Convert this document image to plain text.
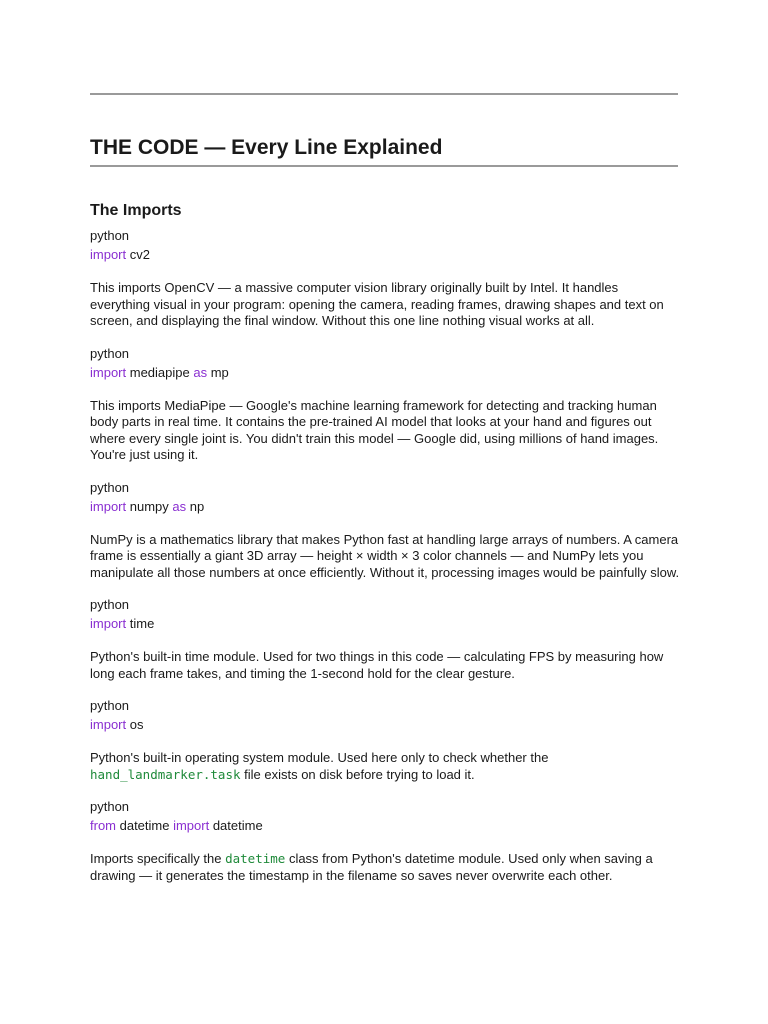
THE CODE — Every Line Explained
The Imports

python

import cv2

This imports OpenCV — a massive computer vision library originally built by Intel. It handles everything visual in your program: opening the camera, reading frames, drawing shapes and text on screen, and displaying the final window. Without this one line nothing visual works at all.

python

import mediapipe as mp

This imports MediaPipe — Google's machine learning framework for detecting and tracking human body parts in real time. It contains the pre-trained AI model that looks at your hand and figures out where every single joint is. You didn't train this model — Google did, using millions of hand images. You're just using it.

python

import numpy as np

NumPy is a mathematics library that makes Python fast at handling large arrays of numbers. A camera frame is essentially a giant 3D array — height × width × 3 color channels — and NumPy lets you manipulate all those numbers at once efficiently. Without it, processing images would be painfully slow.

python

import time

Python's built-in time module. Used for two things in this code — calculating FPS by measuring how long each frame takes, and timing the 1-second hold for the clear gesture.

python

import os

Python's built-in operating system module. Used here only to check whether the hand_landmarker.task file exists on disk before trying to load it.

python

from datetime import datetime

Imports specifically the datetime class from Python's datetime module. Used only when saving a drawing — it generates the timestamp in the filename so saves never overwrite each other.
